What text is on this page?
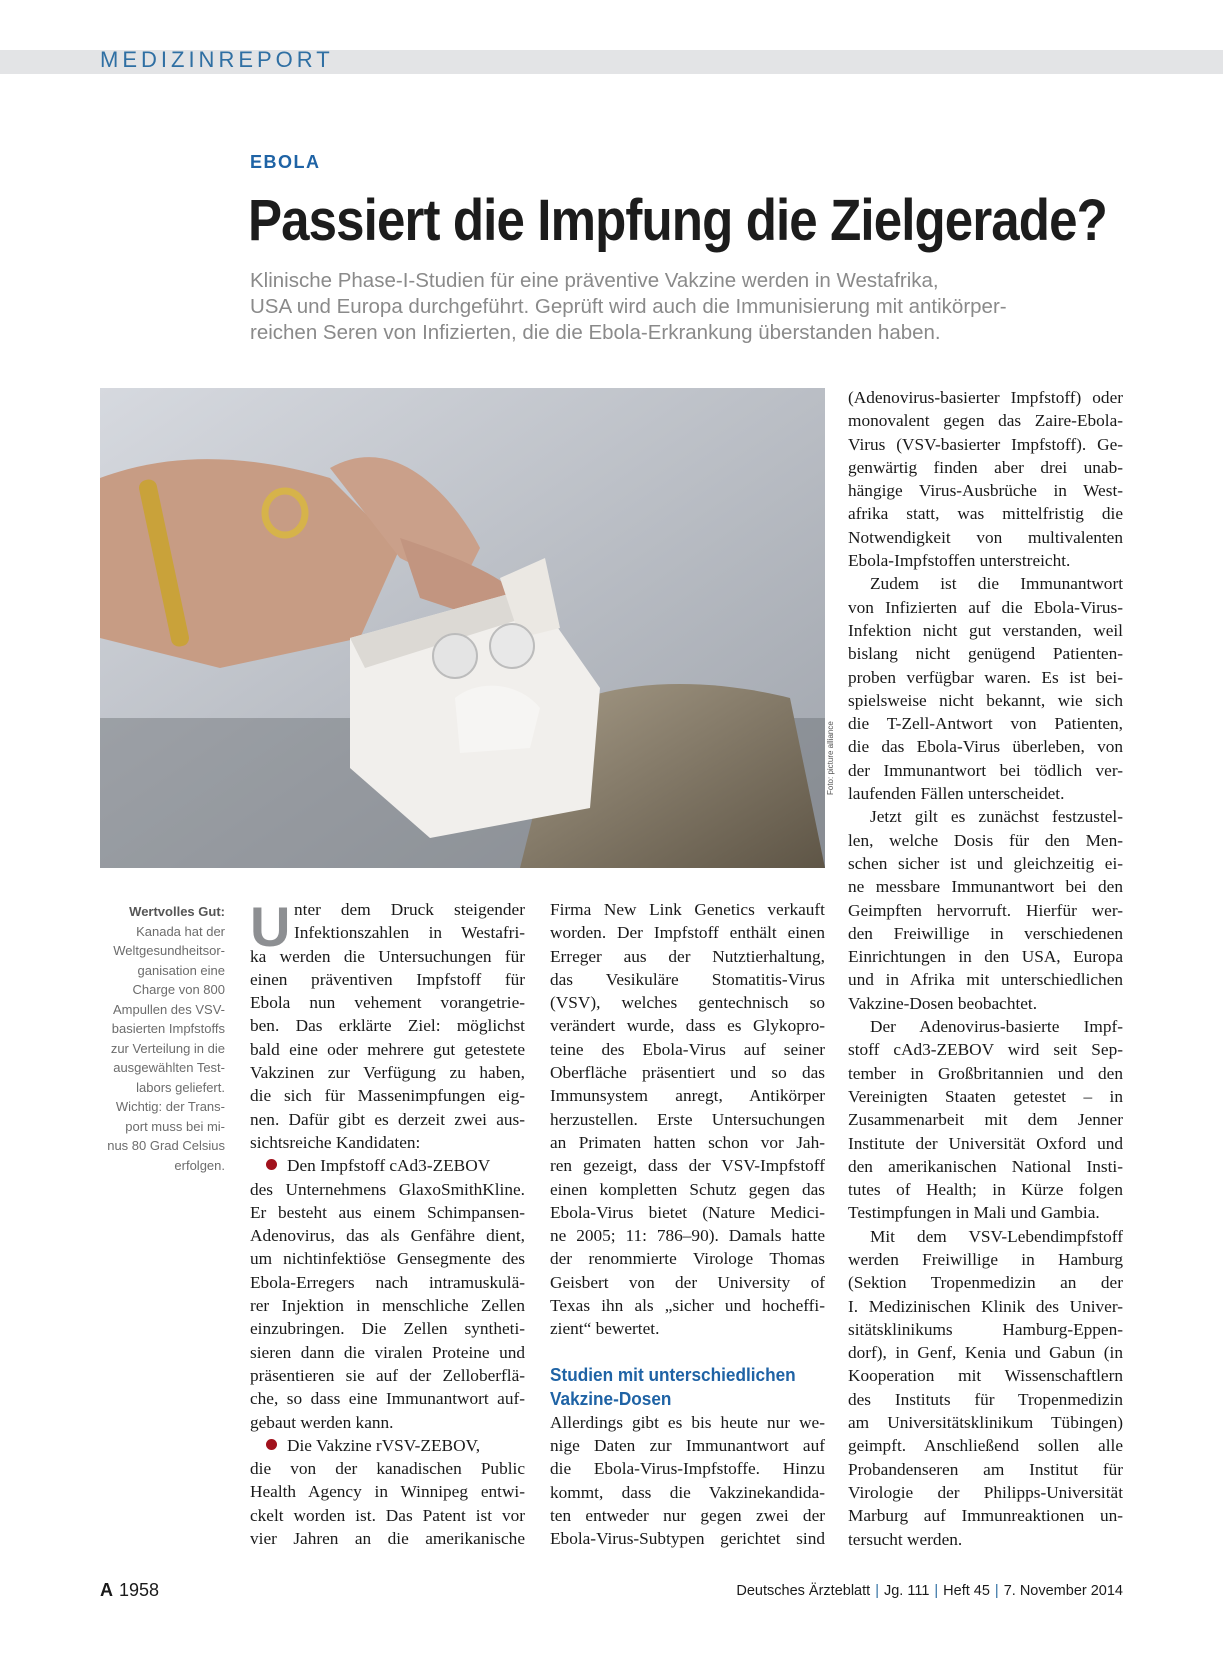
MEDIZINREPORT
EBOLA
Passiert die Impfung die Zielgerade?
Klinische Phase-I-Studien für eine präventive Vakzine werden in Westafrika,
USA und Europa durchgeführt. Geprüft wird auch die Immunisierung mit antikörper-
reichen Seren von Infizierten, die die Ebola-Erkrankung überstanden haben.
Foto: picture alliance
Wertvolles Gut:
Kanada hat der
Weltgesundheitsor-
ganisation eine
Charge von 800
Ampullen des VSV-
basierten Impfstoffs
zur Verteilung in die
ausgewählten Test-
labors geliefert.
Wichtig: der Trans-
port muss bei mi-
nus 80 Grad Celsius
erfolgen.
U nter dem Druck steigender
Infektionszahlen in Westafri-
ka werden die Untersuchungen für
einen präventiven Impfstoff für
Ebola nun vehement vorangetrie-
ben. Das erklärte Ziel: möglichst
bald eine oder mehrere gut getestete
Vakzinen zur Verfügung zu haben,
die sich für Massenimpfungen eig-
nen. Dafür gibt es derzeit zwei aus-
sichtsreiche Kandidaten:
Den Impfstoff cAd3-ZEBOV
des Unternehmens GlaxoSmithKline.
Er besteht aus einem Schimpansen-
Adenovirus, das als Genfähre dient,
um nichtinfektiöse Gensegmente des
Ebola-Erregers nach intramuskulä-
rer Injektion in menschliche Zellen
einzubringen. Die Zellen syntheti-
sieren dann die viralen Proteine und
präsentieren sie auf der Zelloberflä-
che, so dass eine Immunantwort auf-
gebaut werden kann.
Die Vakzine rVSV-ZEBOV,
die von der kanadischen Public
Health Agency in Winnipeg entwi-
ckelt worden ist. Das Patent ist vor
vier Jahren an die amerikanische
Firma New Link Genetics verkauft
worden. Der Impfstoff enthält einen
Erreger aus der Nutztierhaltung,
das Vesikuläre Stomatitis-Virus
(VSV), welches gentechnisch so
verändert wurde, dass es Glykopro-
teine des Ebola-Virus auf seiner
Oberfläche präsentiert und so das
Immunsystem anregt, Antikörper
herzustellen. Erste Untersuchungen
an Primaten hatten schon vor Jah-
ren gezeigt, dass der VSV-Impfstoff
einen kompletten Schutz gegen das
Ebola-Virus bietet (Nature Medici-
ne 2005; 11: 786–90). Damals hatte
der renommierte Virologe Thomas
Geisbert von der University of
Texas ihn als „sicher und hocheffi-
zient“ bewertet.
Studien mit unterschiedlichen
Vakzine-Dosen
Allerdings gibt es bis heute nur we-
nige Daten zur Immunantwort auf
die Ebola-Virus-Impfstoffe. Hinzu
kommt, dass die Vakzinekandida-
ten entweder nur gegen zwei der
Ebola-Virus-Subtypen gerichtet sind
(Adenovirus-basierter Impfstoff) oder
monovalent gegen das Zaire-Ebola-
Virus (VSV-basierter Impfstoff). Ge-
genwärtig finden aber drei unab-
hängige Virus-Ausbrüche in West-
afrika statt, was mittelfristig die
Notwendigkeit von multivalenten
Ebola-Impfstoffen unterstreicht.
Zudem ist die Immunantwort
von Infizierten auf die Ebola-Virus-
Infektion nicht gut verstanden, weil
bislang nicht genügend Patienten-
proben verfügbar waren. Es ist bei-
spielsweise nicht bekannt, wie sich
die T-Zell-Antwort von Patienten,
die das Ebola-Virus überleben, von
der Immunantwort bei tödlich ver-
laufenden Fällen unterscheidet.
Jetzt gilt es zunächst festzustel-
len, welche Dosis für den Men-
schen sicher ist und gleichzeitig ei-
ne messbare Immunantwort bei den
Geimpften hervorruft. Hierfür wer-
den Freiwillige in verschiedenen
Einrichtungen in den USA, Europa
und in Afrika mit unterschiedlichen
Vakzine-Dosen beobachtet.
Der Adenovirus-basierte Impf-
stoff cAd3-ZEBOV wird seit Sep-
tember in Großbritannien und den
Vereinigten Staaten getestet – in
Zusammenarbeit mit dem Jenner
Institute der Universität Oxford und
den amerikanischen National Insti-
tutes of Health; in Kürze folgen
Testimpfungen in Mali und Gambia.
Mit dem VSV-Lebendimpfstoff
werden Freiwillige in Hamburg
(Sektion Tropenmedizin an der
I. Medizinischen Klinik des Univer-
sitätsklinikums Hamburg-Eppen-
dorf), in Genf, Kenia und Gabun (in
Kooperation mit Wissenschaftlern
des Instituts für Tropenmedizin
am Universitätsklinikum Tübingen)
geimpft. Anschließend sollen alle
Probandenseren am Institut für
Virologie der Philipps-Universität
Marburg auf Immunreaktionen un-
tersucht werden.
A 1958	Deutsches Ärzteblatt | Jg. 111 | Heft 45 | 7. November 2014
